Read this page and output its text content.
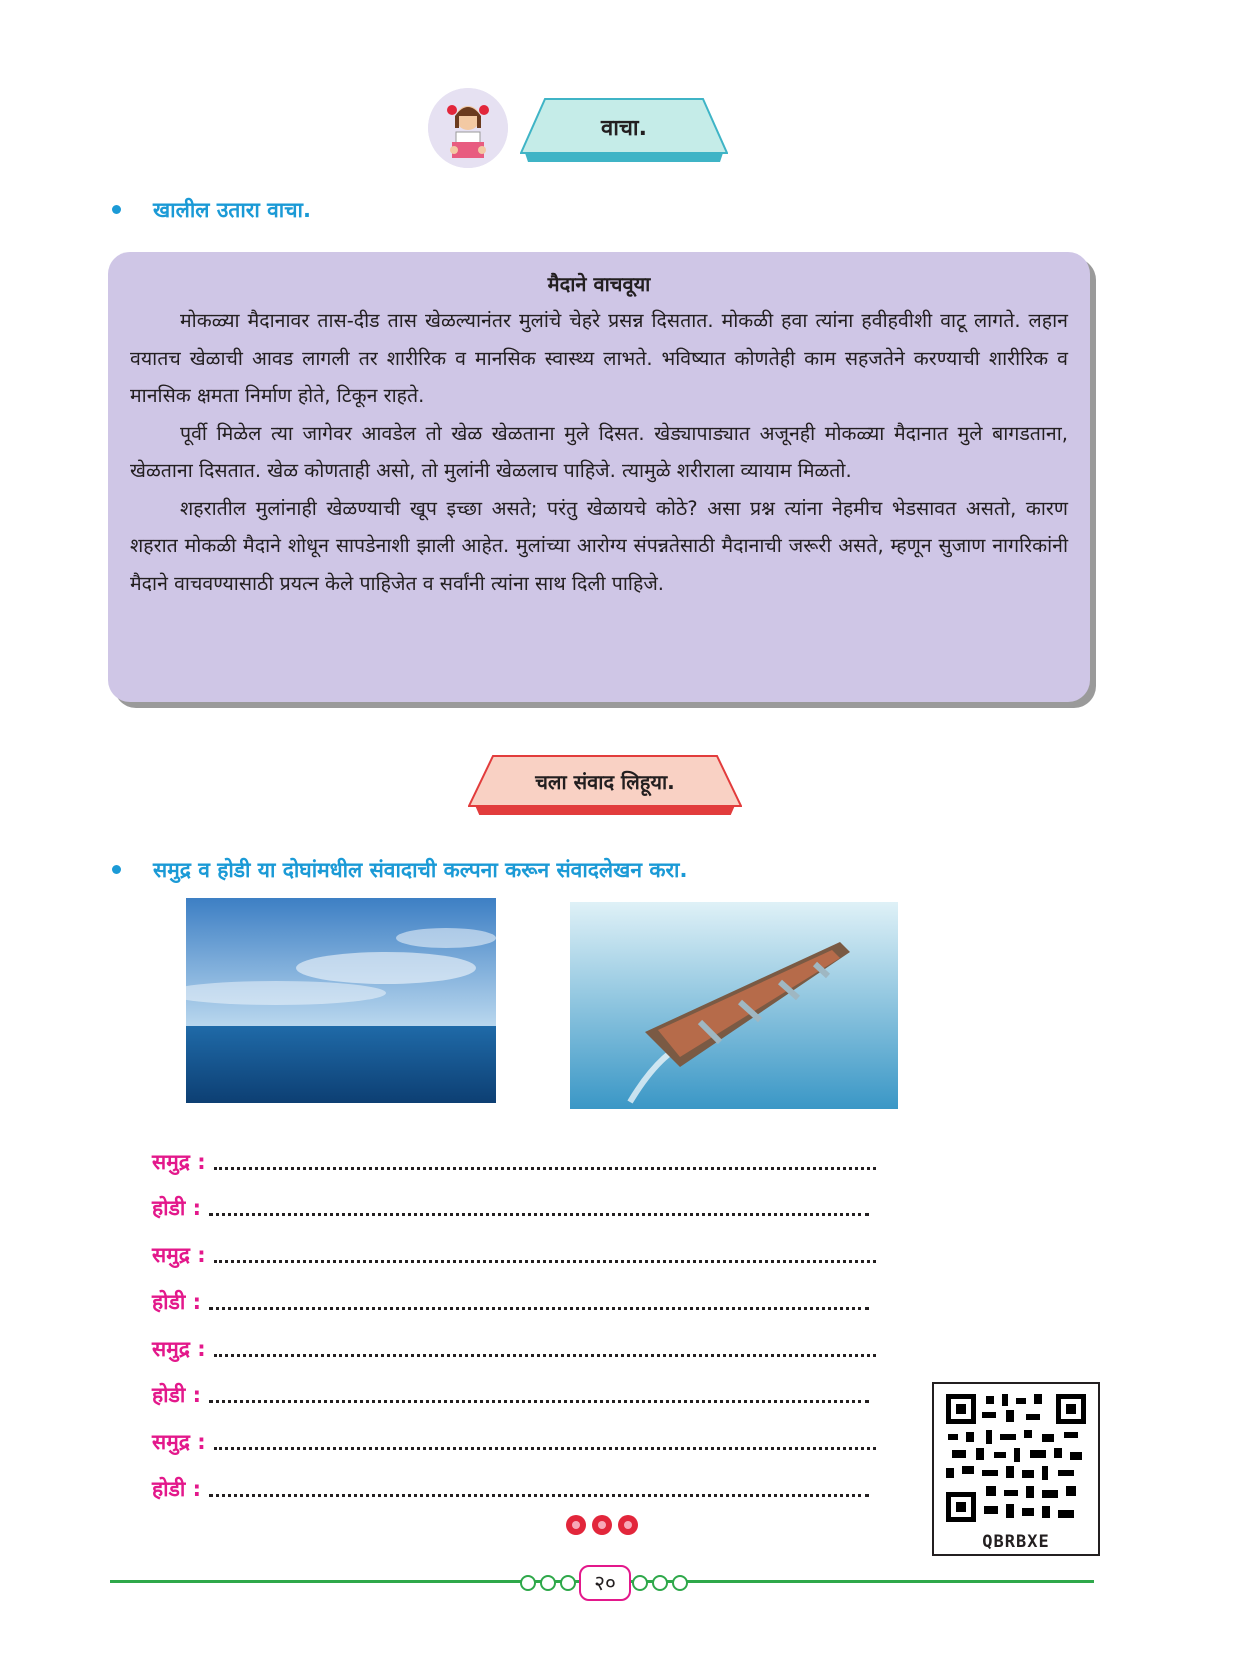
वाचा.
खालील उतारा वाचा.
मैदाने वाचवूया

मोकळ्या मैदानावर तास-दीड तास खेळल्यानंतर मुलांचे चेहरे प्रसन्न दिसतात. मोकळी हवा त्यांना हवीहवीशी वाटू लागते. लहान वयातच खेळाची आवड लागली तर शारीरिक व मानसिक स्वास्थ्य लाभते. भविष्यात कोणतेही काम सहजतेने करण्याची शारीरिक व मानसिक क्षमता निर्माण होते, टिकून राहते.

पूर्वी मिळेल त्या जागेवर आवडेल तो खेळ खेळताना मुले दिसत. खेड्यापाड्यात अजूनही मोकळ्या मैदानात मुले बागडताना, खेळताना दिसतात. खेळ कोणताही असो, तो मुलांनी खेळलाच पाहिजे. त्यामुळे शरीराला व्यायाम मिळतो.

शहरातील मुलांनाही खेळण्याची खूप इच्छा असते; परंतु खेळायचे कोठे? असा प्रश्न त्यांना नेहमीच भेडसावत असतो, कारण शहरात मोकळी मैदाने शोधून सापडेनाशी झाली आहेत. मुलांच्या आरोग्य संपन्नतेसाठी मैदानाची जरूरी असते, म्हणून सुजाण नागरिकांनी मैदाने वाचवण्यासाठी प्रयत्न केले पाहिजेत व सर्वांनी त्यांना साथ दिली पाहिजे.

चला संवाद लिहूया.
समुद्र व होडी या दोघांमधील संवादाची कल्पना करून संवादलेखन करा.
समुद्र :
होडी :
समुद्र :
होडी :
समुद्र :
होडी :
समुद्र :
होडी :
QBRBXE
२०
